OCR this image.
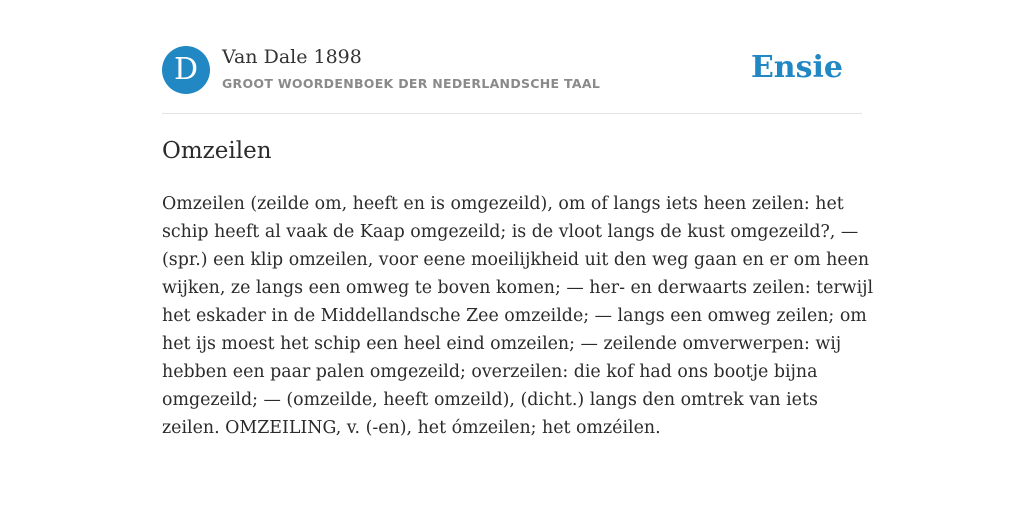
D	Van Dale 1898
GROOT WOORDENBOEK DER NEDERLANDSCHE TAAL	Ensie
Omzeilen
Omzeilen (zeilde om, heeft en is omgezeild), om of langs iets heen zeilen: het
schip heeft al vaak de Kaap omgezeild; is de vloot langs de kust omgezeild?, —
(spr.) een klip omzeilen, voor eene moeilijkheid uit den weg gaan en er om heen
wijken, ze langs een omweg te boven komen; — her- en derwaarts zeilen: terwijl
het eskader in de Middellandsche Zee omzeilde; — langs een omweg zeilen; om
het ijs moest het schip een heel eind omzeilen; — zeilende omverwerpen: wij
hebben een paar palen omgezeild; overzeilen: die kof had ons bootje bijna
omgezeild; — (omzeilde, heeft omzeild), (dicht.) langs den omtrek van iets
zeilen. OMZEILING, v. (-en), het ómzeilen; het omzéilen.
